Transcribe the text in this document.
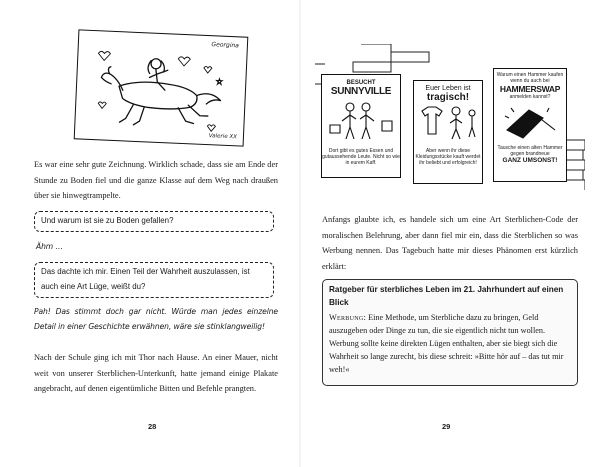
Georgina
Valerie XX

Es war eine sehr gute Zeichnung. Wirklich schade, dass sie am Ende der Stunde zu Boden fiel und die ganze Klasse auf dem Weg nach draußen über sie hinwegtrampelte.

Und warum ist sie zu Boden gefallen?

Ähm …

Das dachte ich mir. Einen Teil der Wahrheit auszulassen, ist auch eine Art Lüge, weißt du?

Pah! Das stimmt doch gar nicht. Würde man jedes einzelne Detail in einer Geschichte erwähnen, wäre sie stinklangweilig!

Nach der Schule ging ich mit Thor nach Hause. An einer Mauer, nicht weit von unserer Sterblichen-Unterkunft, hatte jemand einige Plakate angebracht, auf denen eigentümliche Bitten und Befehle prangten.

28
BESUCHT
SUNNYVILLE
Dort gibt es gutes Essen und gutaussehende Leute. Nicht so wie in eurem Kaff.
Euer Leben ist
tragisch!
Aber wenn ihr diese Kleidungsstücke kauft werdet ihr beliebt und erfolgreich!
Warum einen Hammer kaufen wenn du auch bei
HAMMERSWAP
anmelden kannst?
Tausche einen alten Hammer gegen brandneue
GANZ UMSONST!

Anfangs glaubte ich, es handele sich um eine Art Sterblichen-Code der moralischen Belehrung, aber dann fiel mir ein, dass die Sterblichen so was Werbung nennen. Das Tagebuch hatte mir dieses Phänomen erst kürzlich erklärt:

Ratgeber für sterbliches Leben im 21. Jahrhundert auf einen Blick
Werbung: Eine Methode, um Sterbliche dazu zu bringen, Geld auszugeben oder Dinge zu tun, die sie eigentlich nicht tun wollen. Werbung sollte keine direkten Lügen enthalten, aber sie biegt sich die Wahrheit so lange zurecht, bis diese schreit: »Bitte hör auf – das tut mir weh!«
29
